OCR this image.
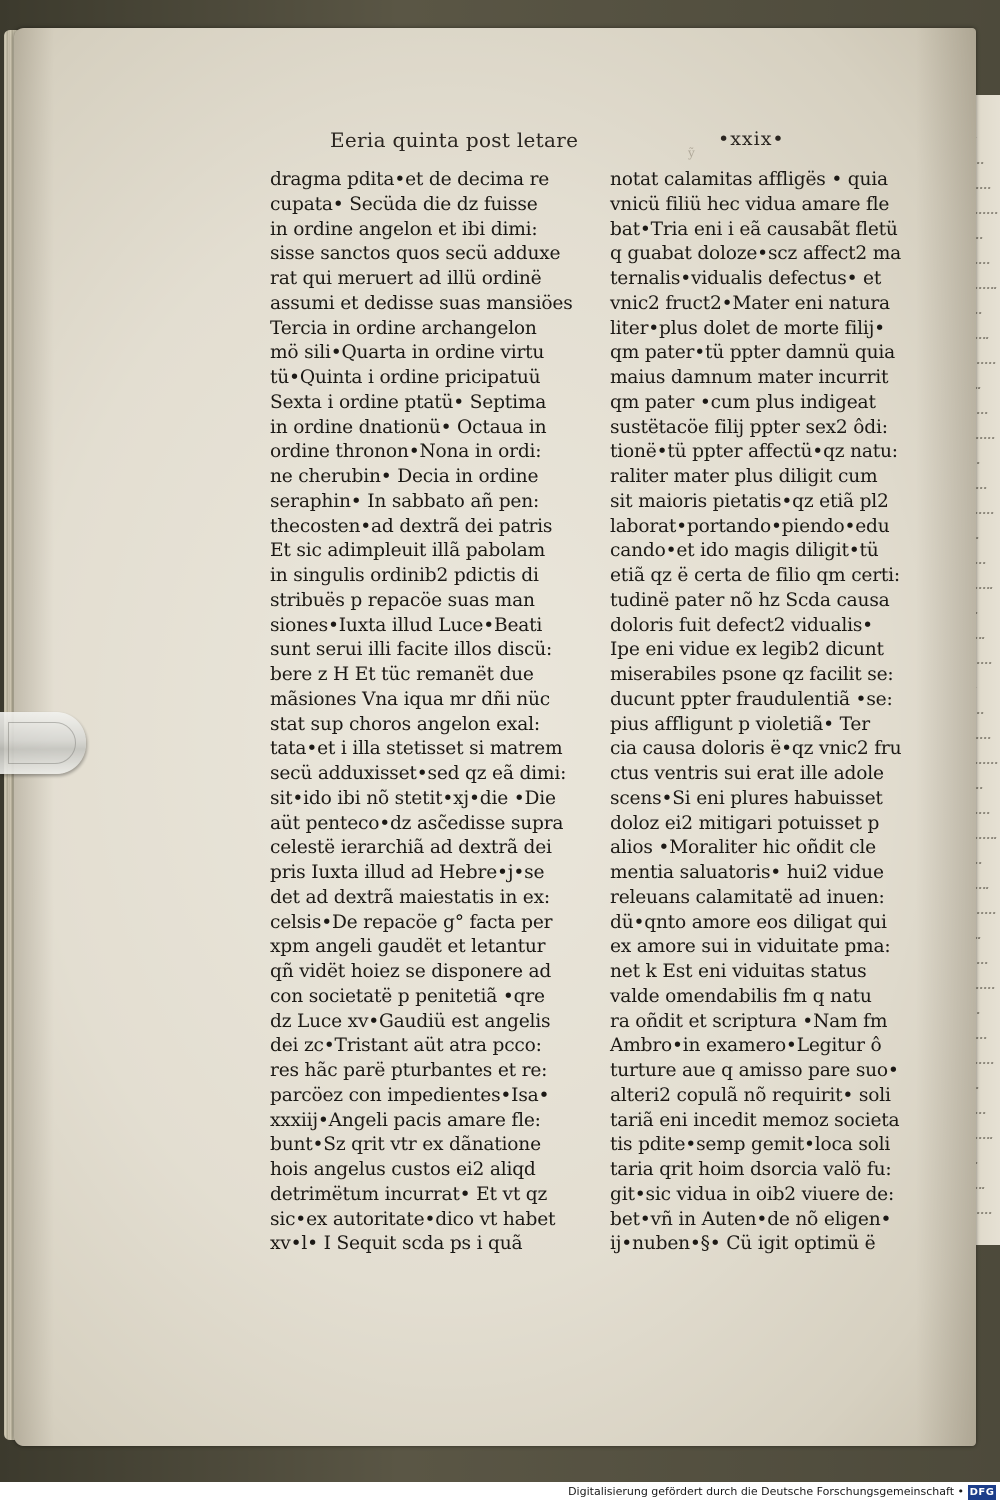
Eeria quinta post letare	•xxix•
ỹ
dragma pdita•et de decima re
cupata• Secüda die dz fuisse
in ordine angelon et ibi dimi:
sisse sanctos quos secü adduxe
rat qui meruert ad illü ordinë
assumi et dedisse suas mansiöes
Tercia in ordine archangelon
mö sili•Quarta in ordine virtu
tü•Quinta i ordine pricipatuü
Sexta i ordine ptatü• Septima
in ordine dnationü• Octaua in
ordine thronon•Nona in ordi:
ne cherubin• Decia in ordine
seraphin• In sabbato añ pen:
thecosten•ad dextrã dei patris
Et sic adimpleuit illã pabolam
in singulis ordinib2 pdictis di
stribuës p repacöe suas man
siones•Iuxta illud Luce•Beati
sunt serui illi facite illos discü:
bere z H Et tüc remanët due
mãsiones Vna iqua mr dñi nüc
stat sup choros angelon exal:
tata•et i illa stetisset si matrem
secü adduxisset•sed qz eã dimi:
sit•ido ibi nõ stetit•xj•die •Die
aüt penteco•dz asc̃edisse supra
celestë ierarchiã ad dextrã dei
pris Iuxta illud ad Hebre•j•se
det ad dextrã maiestatis in ex:
celsis•De repacöe g° facta per
xpm angeli gaudët et letantur
qñ vidët hoiez se disponere ad
con societatë p penitetiã •qre
dz Luce xv•Gaudiü est angelis
dei zc•Tristant aüt atra pcco:
res hãc parë pturbantes et re:
parcöez con impedientes•Isa•
xxxiij•Angeli pacis amare fle:
bunt•Sz qrit vtr ex dãnatione
hois angelus custos ei2 aliqd
detrimëtum incurrat• Et vt qz
sic•ex autoritate•dico vt habet
xv•l• I Sequit scda ps i quã
notat calamitas affligës • quia
vnicü filiü hec vidua amare fle
bat•Tria eni i eã causabãt fletü
q guabat doloze•scz affect2 ma
ternalis•vidualis defectus• et
vnic2 fruct2•Mater eni natura
liter•plus dolet de morte filij•
qm pater•tü ppter damnü quia
maius damnum mater incurrit
qm pater •cum plus indigeat
sustëtacöe filij ppter sex2 ôdi:
tionë•tü ppter affectü•qz natu:
raliter mater plus diligit cum
sit maioris pietatis•qz etiã pl2
laborat•portando•piendo•edu
cando•et ido magis diligit•tü
etiã qz ë certa de filio qm certi:
tudinë pater nõ hz Scda causa
doloris fuit defect2 vidualis•
Ipe eni vidue ex legib2 dicunt
miserabiles psone qz facilit se:
ducunt ppter fraudulentiã •se:
pius affligunt p violetiã• Ter
cia causa doloris ë•qz vnic2 fru
ctus ventris sui erat ille adole
scens•Si eni plures habuisset
doloz ei2 mitigari potuisset p
alios •Moraliter hic oñdit cle
mentia saluatoris• hui2 vidue
releuans calamitatë ad inuen:
dü•qnto amore eos diligat qui
ex amore sui in viduitate pma:
net k Est eni viduitas status
valde omendabilis fm q natu
ra oñdit et scriptura •Nam fm
Ambro•in examero•Legitur ô
turture aue q amisso pare suo•
alteri2 copulã nõ requirit• soli
tariã eni incedit memoz societa
tis pdite•semp gemit•loca soli
taria qrit hoim dsorcia valö fu:
git•sic vidua in oib2 viuere de:
bet•vñ in Auten•de nõ eligen•
ij•nuben•§• Cü igit optimü ë
Digitalisierung gefördert durch die Deutsche Forschungsgemeinschaft • DFG
